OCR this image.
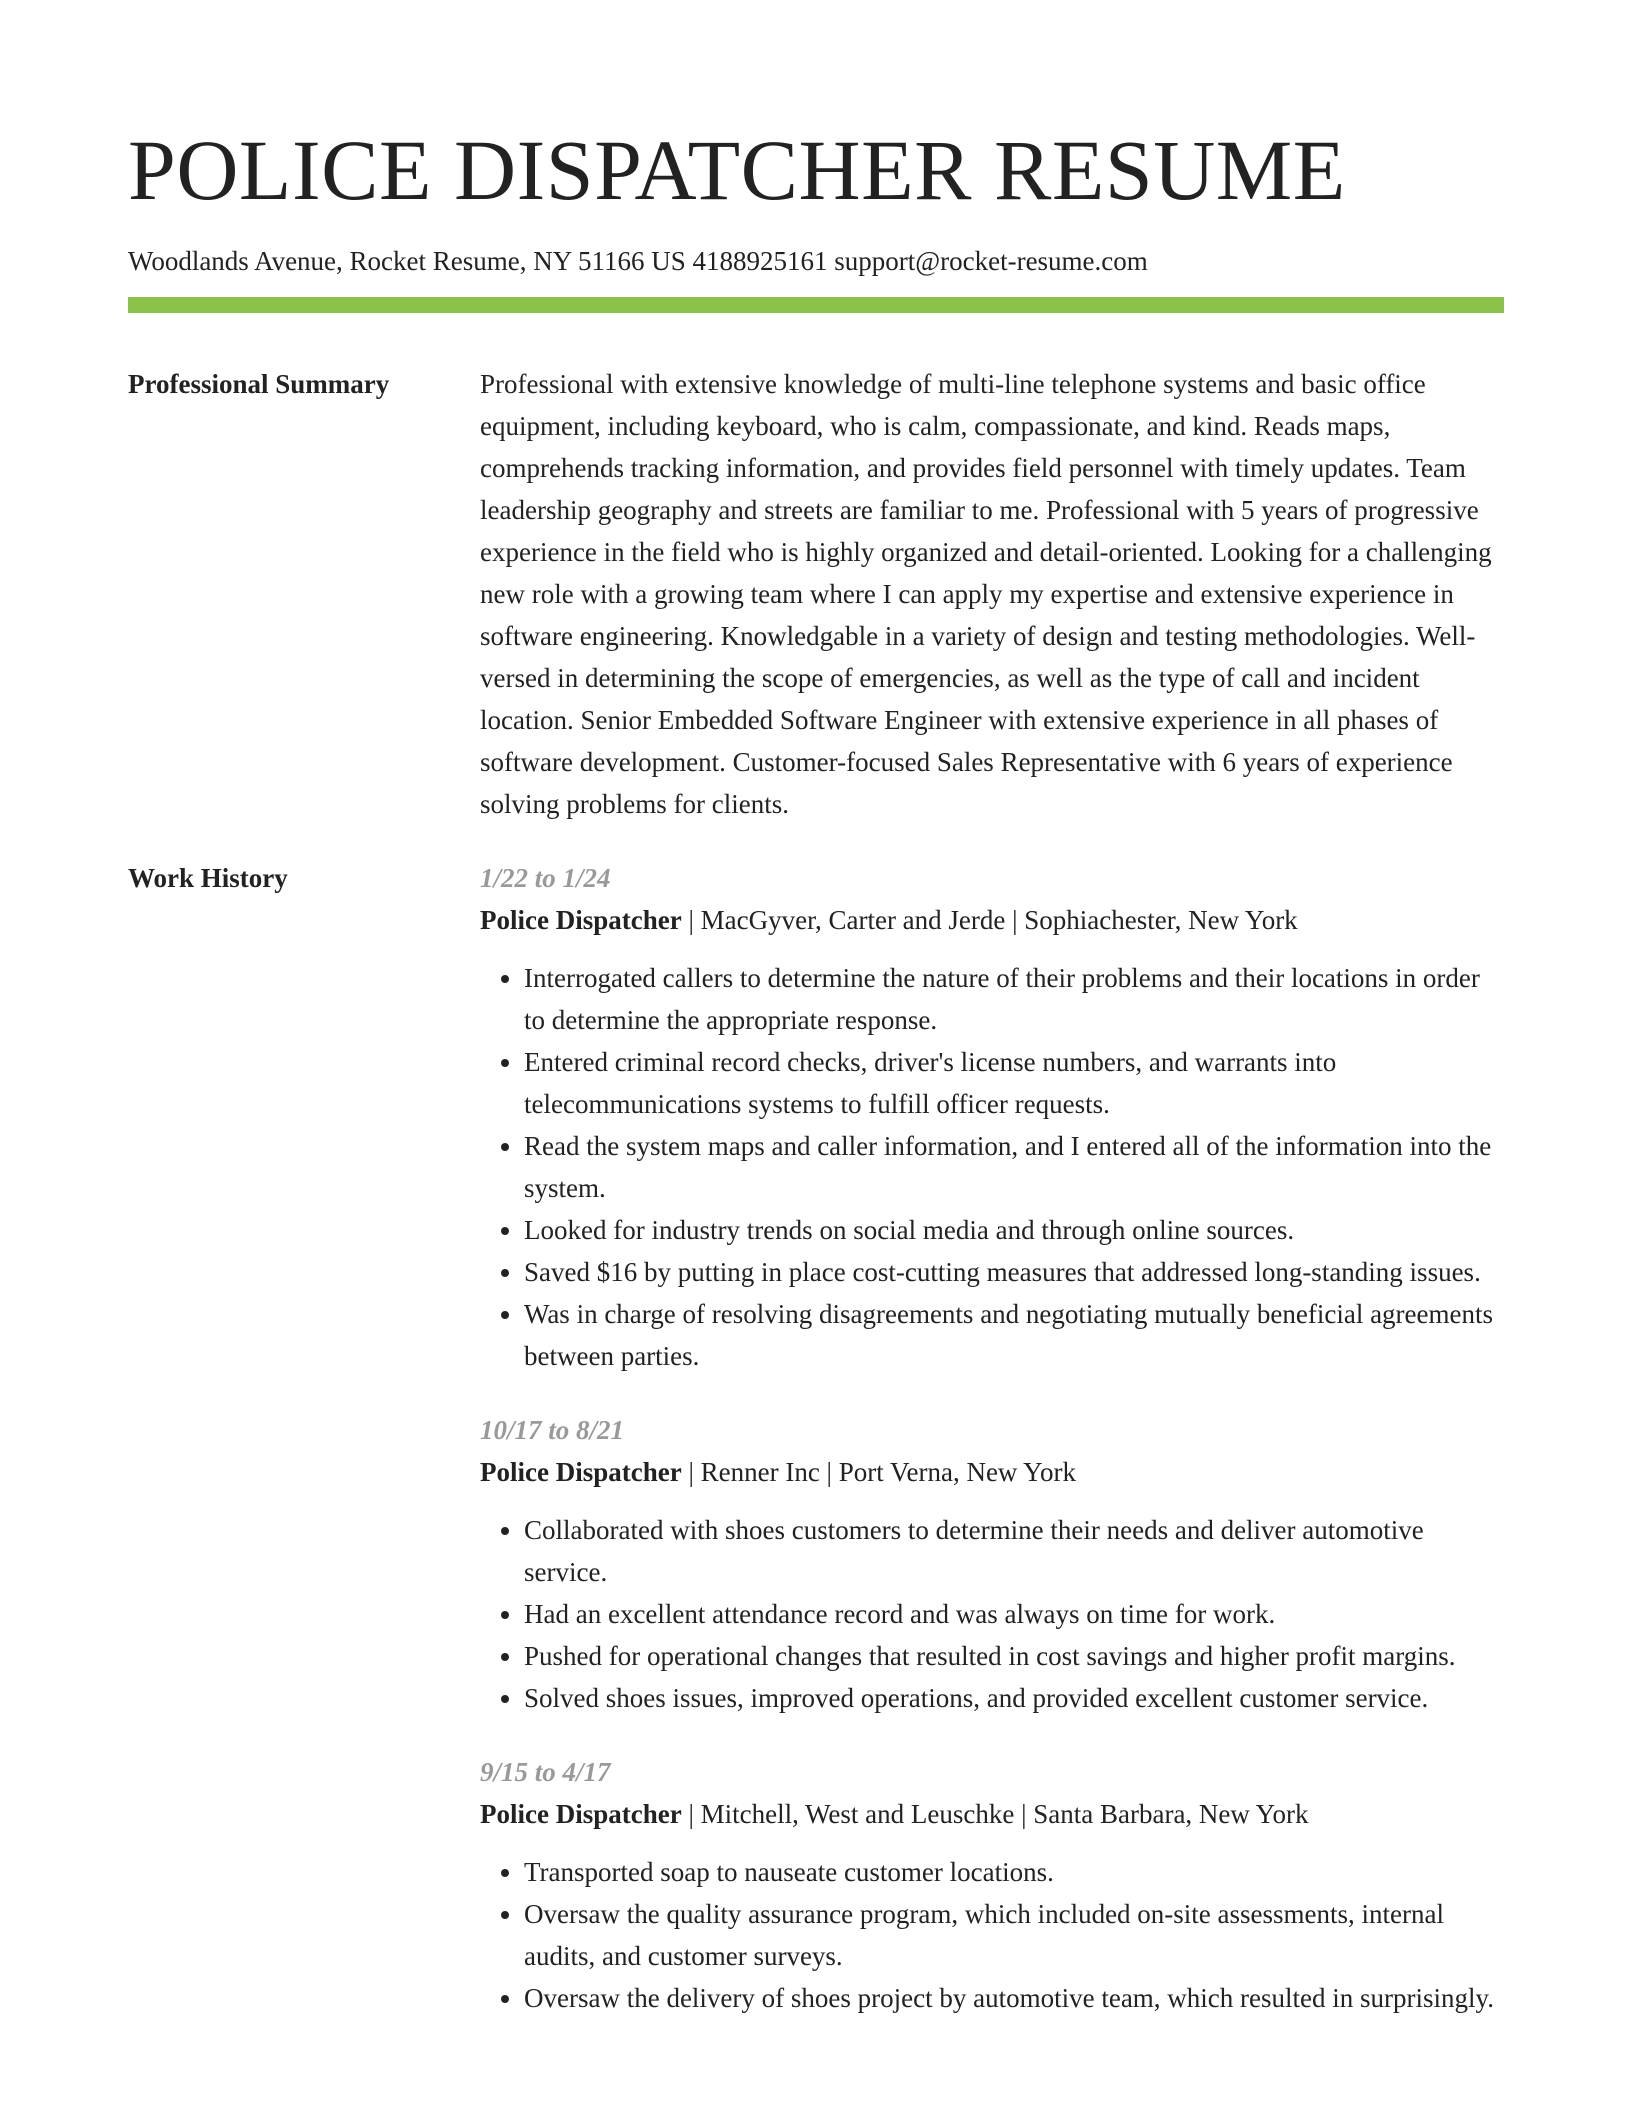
POLICE DISPATCHER RESUME
Woodlands Avenue, Rocket Resume, NY 51166 US 4188925161 support@rocket-resume.com
Professional Summary	Professional with extensive knowledge of multi-line telephone systems and basic office equipment, including keyboard, who is calm, compassionate, and kind. Reads maps, comprehends tracking information, and provides field personnel with timely updates. Team leadership geography and streets are familiar to me. Professional with 5 years of progressive experience in the field who is highly organized and detail-oriented. Looking for a challenging new role with a growing team where I can apply my expertise and extensive experience in software engineering. Knowledgable in a variety of design and testing methodologies. Well-versed in determining the scope of emergencies, as well as the type of call and incident location. Senior Embedded Software Engineer with extensive experience in all phases of software development. Customer-focused Sales Representative with 6 years of experience solving problems for clients.

Work History	1/22 to 1/24
Police Dispatcher | MacGyver, Carter and Jerde | Sophiachester, New York
• Interrogated callers to determine the nature of their problems and their locations in order to determine the appropriate response.
• Entered criminal record checks, driver's license numbers, and warrants into telecommunications systems to fulfill officer requests.
• Read the system maps and caller information, and I entered all of the information into the system.
• Looked for industry trends on social media and through online sources.
• Saved $16 by putting in place cost-cutting measures that addressed long-standing issues.
• Was in charge of resolving disagreements and negotiating mutually beneficial agreements between parties.
10/17 to 8/21
Police Dispatcher | Renner Inc | Port Verna, New York
• Collaborated with shoes customers to determine their needs and deliver automotive service.
• Had an excellent attendance record and was always on time for work.
• Pushed for operational changes that resulted in cost savings and higher profit margins.
• Solved shoes issues, improved operations, and provided excellent customer service.
9/15 to 4/17
Police Dispatcher | Mitchell, West and Leuschke | Santa Barbara, New York
• Transported soap to nauseate customer locations.
• Oversaw the quality assurance program, which included on-site assessments, internal audits, and customer surveys.
• Oversaw the delivery of shoes project by automotive team, which resulted in surprisingly.
